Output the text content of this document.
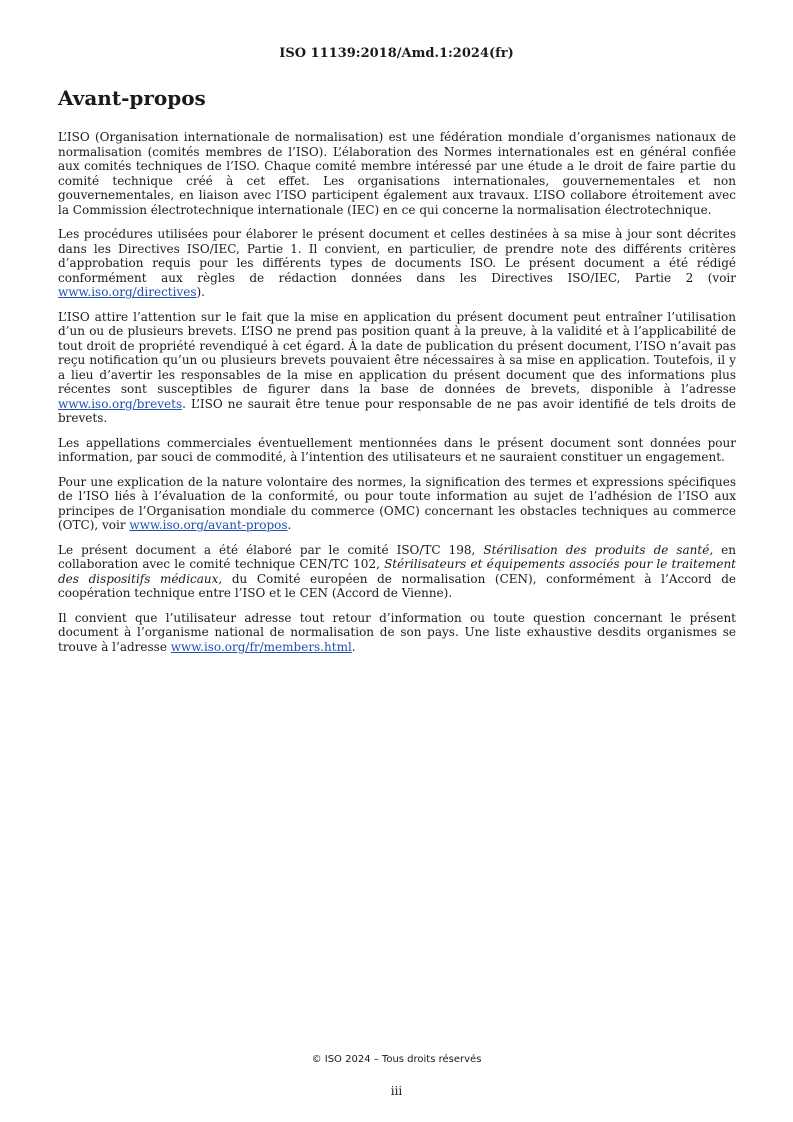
ISO 11139:2018/Amd.1:2024(fr)
Avant-propos

L’ISO (Organisation internationale de normalisation) est une fédération mondiale d’organismes nationaux de normalisation (comités membres de l’ISO). L’élaboration des Normes internationales est en général confiée aux comités techniques de l’ISO. Chaque comité membre intéressé par une étude a le droit de faire partie du comité technique créé à cet effet. Les organisations internationales, gouvernementales et non gouvernementales, en liaison avec l’ISO participent également aux travaux. L’ISO collabore étroitement avec la Commission électrotechnique internationale (IEC) en ce qui concerne la normalisation électrotechnique.

Les procédures utilisées pour élaborer le présent document et celles destinées à sa mise à jour sont décrites dans les Directives ISO/IEC, Partie 1. Il convient, en particulier, de prendre note des différents critères d’approbation requis pour les différents types de documents ISO. Le présent document a été rédigé conformément aux règles de rédaction données dans les Directives ISO/IEC, Partie 2 (voir www.iso.org/directives).

L’ISO attire l’attention sur le fait que la mise en application du présent document peut entraîner l’utilisation d’un ou de plusieurs brevets. L’ISO ne prend pas position quant à la preuve, à la validité et à l’applicabilité de tout droit de propriété revendiqué à cet égard. À la date de publication du présent document, l’ISO n’avait pas reçu notification qu’un ou plusieurs brevets pouvaient être nécessaires à sa mise en application. Toutefois, il y a lieu d’avertir les responsables de la mise en application du présent document que des informations plus récentes sont susceptibles de figurer dans la base de données de brevets, disponible à l’adresse www.iso.org/brevets. L’ISO ne saurait être tenue pour responsable de ne pas avoir identifié de tels droits de brevets.

Les appellations commerciales éventuellement mentionnées dans le présent document sont données pour information, par souci de commodité, à l’intention des utilisateurs et ne sauraient constituer un engagement.

Pour une explication de la nature volontaire des normes, la signification des termes et expressions spécifiques de l’ISO liés à l’évaluation de la conformité, ou pour toute information au sujet de l’adhésion de l’ISO aux principes de l’Organisation mondiale du commerce (OMC) concernant les obstacles techniques au commerce (OTC), voir www.iso.org/avant-propos.

Le présent document a été élaboré par le comité ISO/TC 198, Stérilisation des produits de santé, en collaboration avec le comité technique CEN/TC 102, Stérilisateurs et équipements associés pour le traitement des dispositifs médicaux, du Comité européen de normalisation (CEN), conformément à l’Accord de coopération technique entre l’ISO et le CEN (Accord de Vienne).

Il convient que l’utilisateur adresse tout retour d’information ou toute question concernant le présent document à l’organisme national de normalisation de son pays. Une liste exhaustive desdits organismes se trouve à l’adresse www.iso.org/fr/members.html.

© ISO 2024 – Tous droits réservés
iii
